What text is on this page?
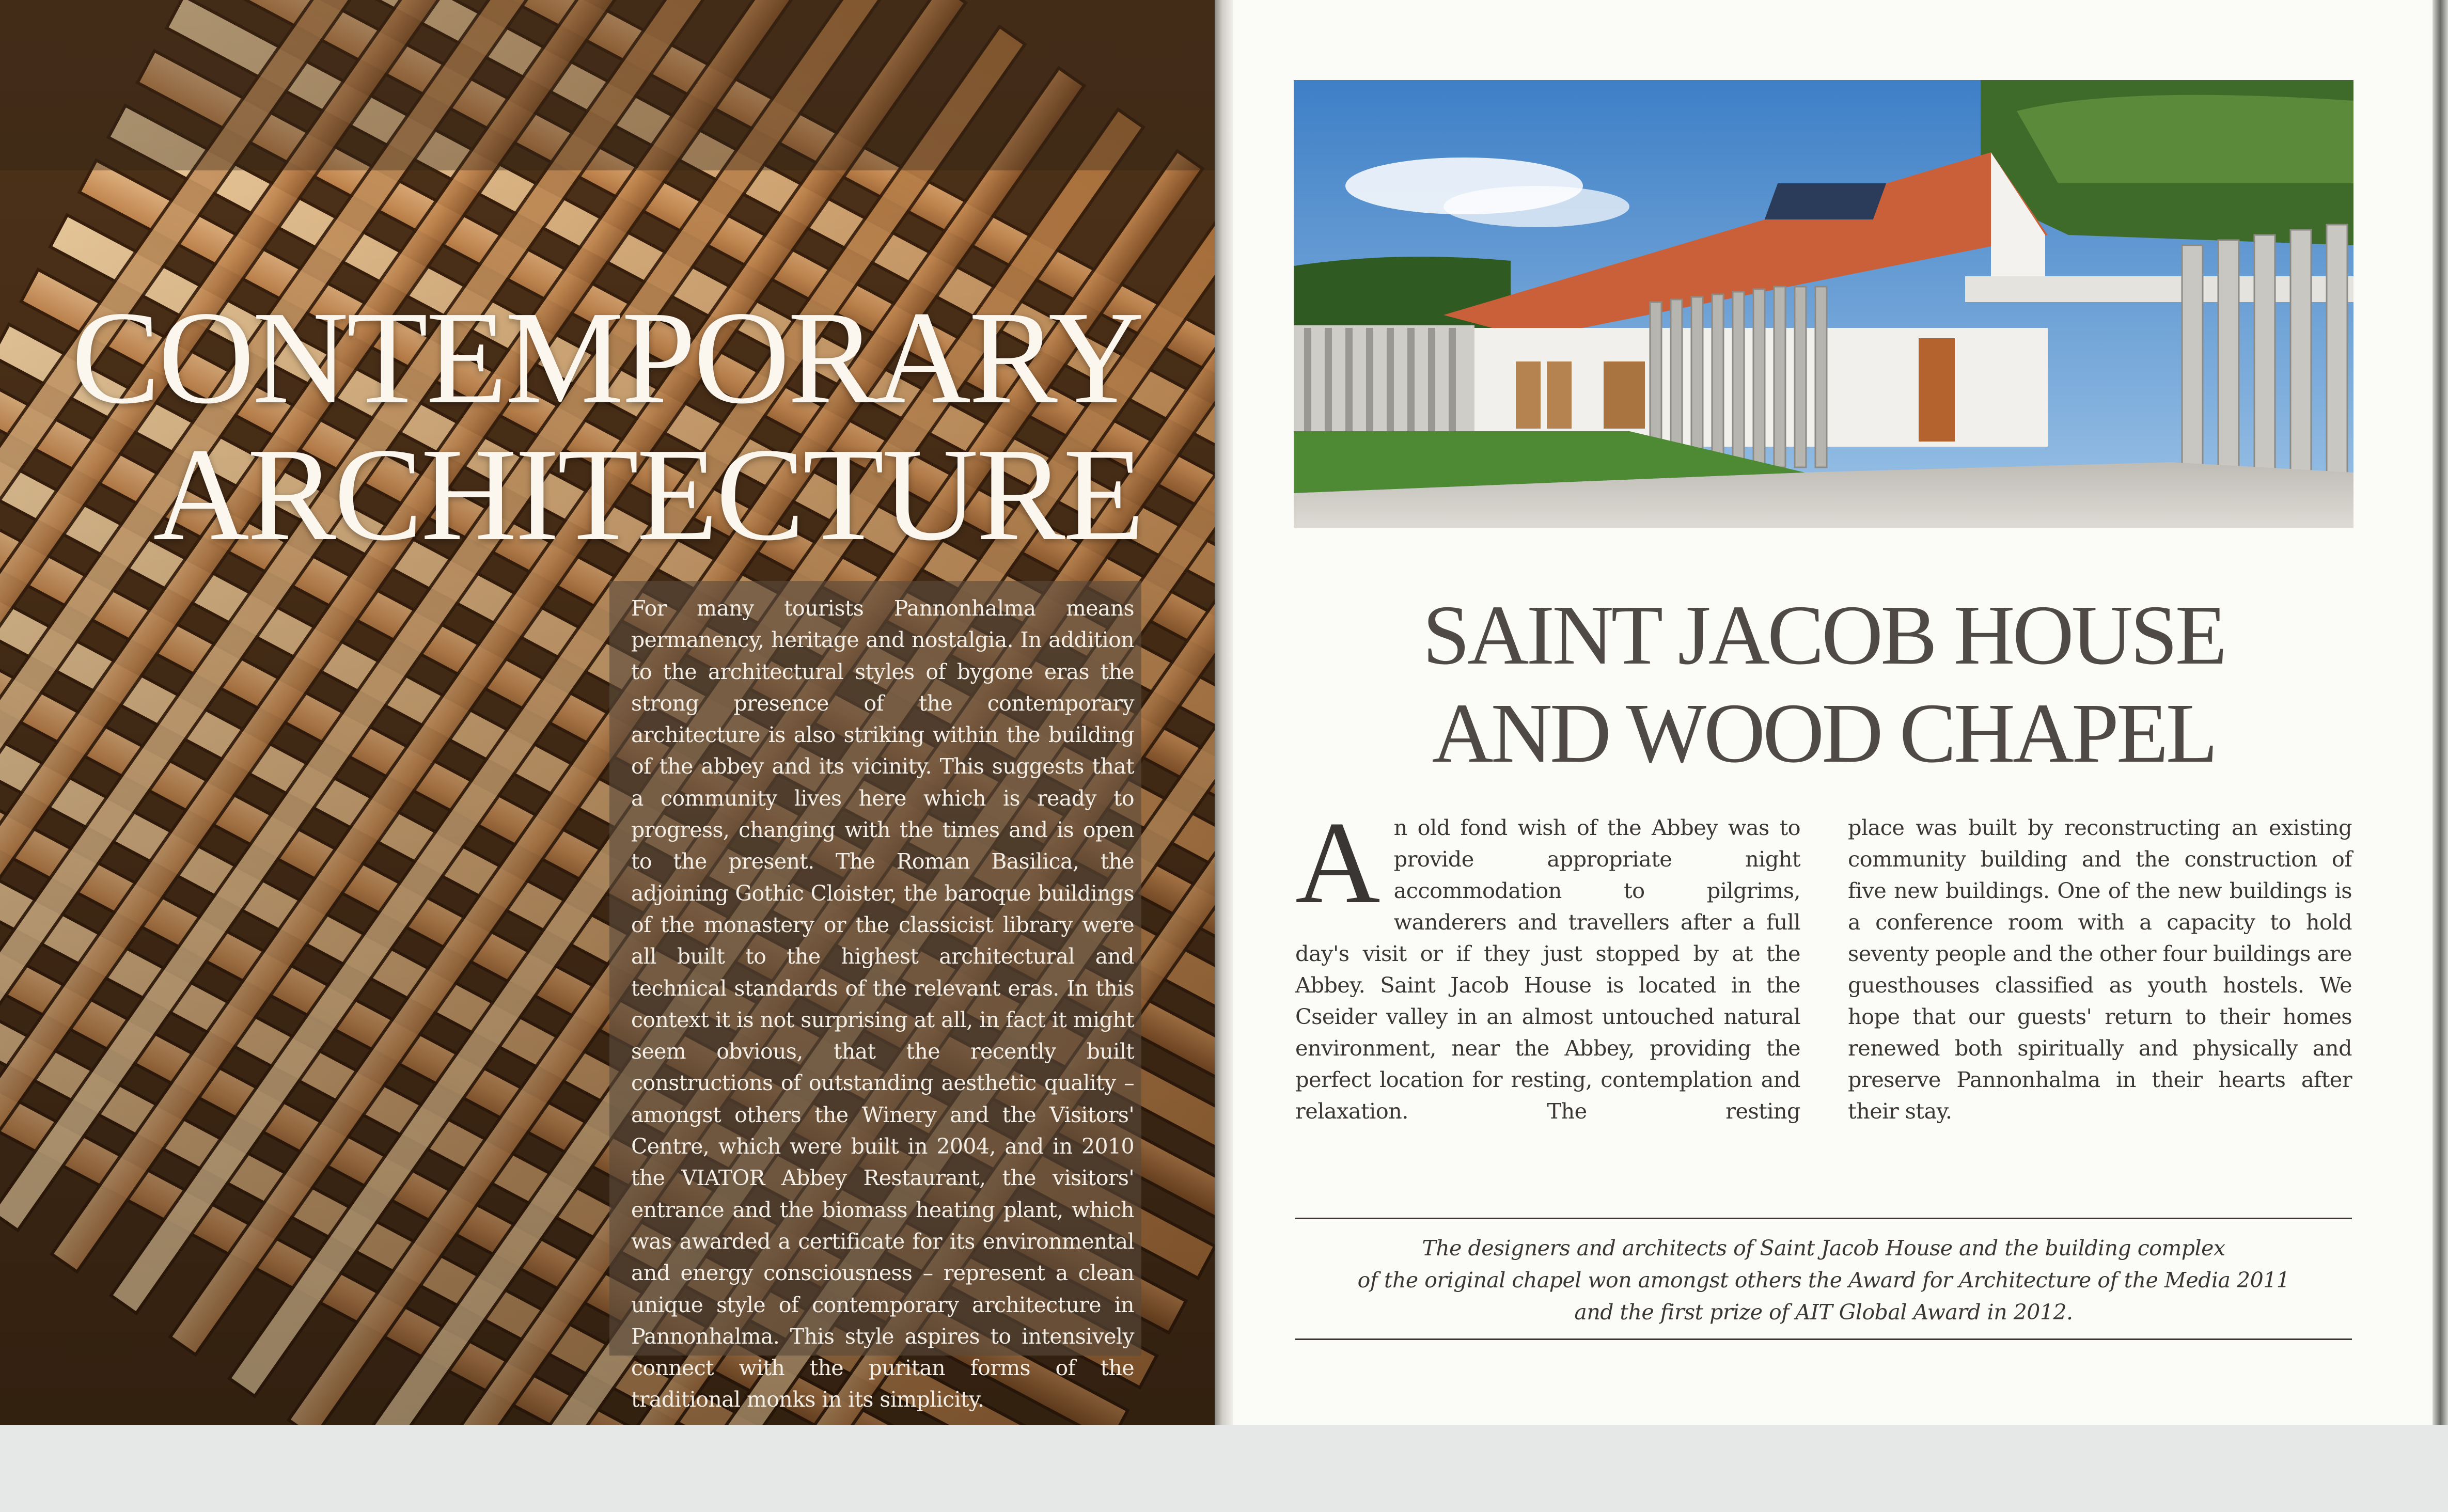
CONTEMPORARY
ARCHITECTURE
For many tourists Pannonhalma means permanency, heritage and nostalgia. In addition to the architectural styles of bygone eras the strong presence of the contemporary architecture is also striking within the building of the abbey and its vicinity. This suggests that a community lives here which is ready to progress, changing with the times and is open to the present. The Roman Basilica, the adjoining Gothic Cloister, the baroque buildings of the monastery or the classicist library were all built to the highest architectural and technical standards of the relevant eras. In this context it is not surprising at all, in fact it might seem obvious, that the recently built constructions of outstanding aesthetic quality – amongst others the Winery and the Visitors' Centre, which were built in 2004, and in 2010 the VIATOR Abbey Restaurant, the visitors' entrance and the biomass heating plant, which was awarded a certificate for its environmental and energy consciousness – represent a clean unique style of contemporary architecture in Pannonhalma. This style aspires to intensively connect with the puritan forms of the traditional monks in its simplicity.
SAINT JACOB HOUSE
AND WOOD CHAPEL
A n old fond wish of the Abbey was to provide appropriate night accommodation to pilgrims, wanderers and travellers after a full day's visit or if they just stopped by at the Abbey. Saint Jacob House is located in the Cseider valley in an almost untouched natural environment, near the Abbey, providing the perfect location for resting, contemplation and relaxation. The resting

place was built by reconstructing an existing community building and the construction of five new buildings. One of the new buildings is a conference room with a capacity to hold seventy people and the other four buildings are guesthouses classified as youth hostels. We hope that our guests' return to their homes renewed both spiritually and physically and preserve Pannonhalma in their hearts after their stay.

The designers and architects of Saint Jacob House and the building complex
of the original chapel won amongst others the Award for Architecture of the Media 2011
and the first prize of AIT Global Award in 2012.
